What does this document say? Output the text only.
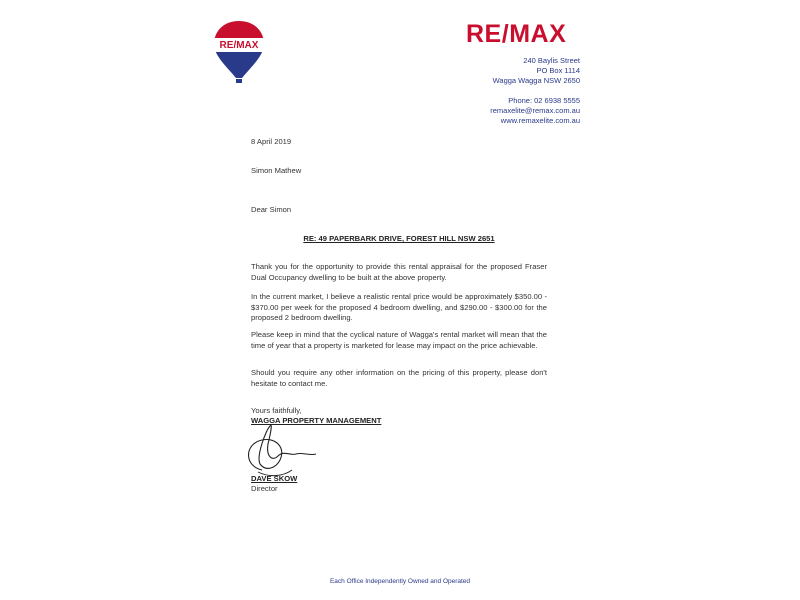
RE/MAX	RE/MAX
240 Baylis Street
PO Box 1114
Wagga Wagga NSW 2650
Phone: 02 6938 5555
remaxelite@remax.com.au
www.remaxelite.com.au
8 April 2019
Simon Mathew
Dear Simon
RE: 49 PAPERBARK DRIVE, FOREST HILL NSW 2651
Thank you for the opportunity to provide this rental appraisal for the proposed Fraser Dual Occupancy dwelling to be built at the above property.
In the current market, I believe a realistic rental price would be approximately $350.00 - $370.00 per week for the proposed 4 bedroom dwelling, and $290.00 - $300.00 for the proposed 2 bedroom dwelling.
Please keep in mind that the cyclical nature of Wagga's rental market will mean that the time of year that a property is marketed for lease may impact on the price achievable.
Should you require any other information on the pricing of this property, please don't hesitate to contact me.
Yours faithfully,
WAGGA PROPERTY MANAGEMENT
DAVE SKOW
Director
Each Office Independently Owned and Operated
